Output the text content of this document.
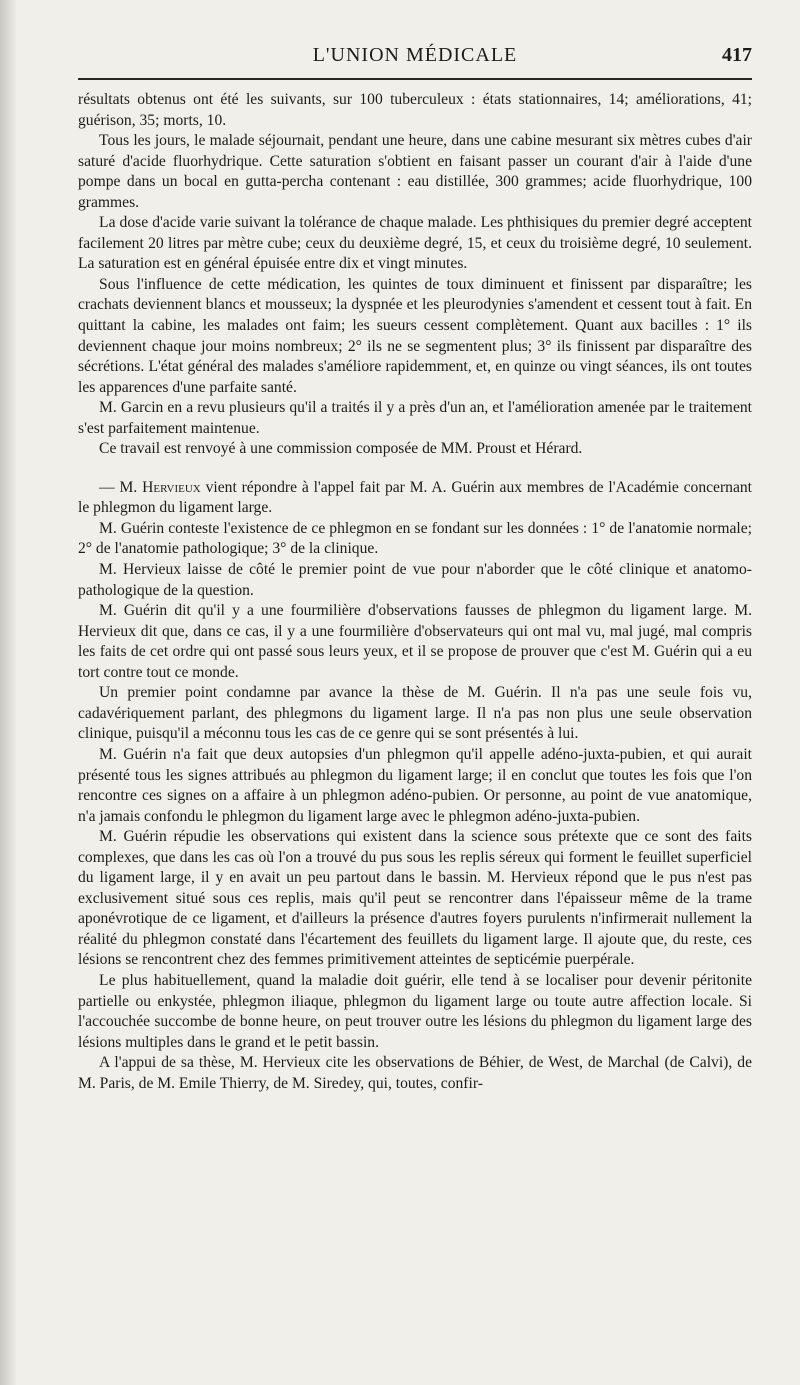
L'UNION MÉDICALE	417

résultats obtenus ont été les suivants, sur 100 tuberculeux : états stationnaires, 14; améliorations, 41; guérison, 35; morts, 10.

Tous les jours, le malade séjournait, pendant une heure, dans une cabine mesurant six mètres cubes d'air saturé d'acide fluorhydrique. Cette saturation s'obtient en faisant passer un courant d'air à l'aide d'une pompe dans un bocal en gutta-percha contenant : eau distillée, 300 grammes; acide fluorhydrique, 100 grammes.

La dose d'acide varie suivant la tolérance de chaque malade. Les phthisiques du premier degré acceptent facilement 20 litres par mètre cube; ceux du deuxième degré, 15, et ceux du troisième degré, 10 seulement. La saturation est en général épuisée entre dix et vingt minutes.

Sous l'influence de cette médication, les quintes de toux diminuent et finissent par disparaître; les crachats deviennent blancs et mousseux; la dyspnée et les pleurodynies s'amendent et cessent tout à fait. En quittant la cabine, les malades ont faim; les sueurs cessent complètement. Quant aux bacilles : 1° ils deviennent chaque jour moins nombreux; 2° ils ne se segmentent plus; 3° ils finissent par disparaître des sécrétions. L'état général des malades s'améliore rapidemment, et, en quinze ou vingt séances, ils ont toutes les apparences d'une parfaite santé.

M. Garcin en a revu plusieurs qu'il a traités il y a près d'un an, et l'amélioration amenée par le traitement s'est parfaitement maintenue.

Ce travail est renvoyé à une commission composée de MM. Proust et Hérard.

— M. Hervieux vient répondre à l'appel fait par M. A. Guérin aux membres de l'Académie concernant le phlegmon du ligament large.

M. Guérin conteste l'existence de ce phlegmon en se fondant sur les données : 1° de l'anatomie normale; 2° de l'anatomie pathologique; 3° de la clinique.

M. Hervieux laisse de côté le premier point de vue pour n'aborder que le côté clinique et anatomo-pathologique de la question.

M. Guérin dit qu'il y a une fourmilière d'observations fausses de phlegmon du ligament large. M. Hervieux dit que, dans ce cas, il y a une fourmilière d'observateurs qui ont mal vu, mal jugé, mal compris les faits de cet ordre qui ont passé sous leurs yeux, et il se propose de prouver que c'est M. Guérin qui a eu tort contre tout ce monde.

Un premier point condamne par avance la thèse de M. Guérin. Il n'a pas une seule fois vu, cadavériquement parlant, des phlegmons du ligament large. Il n'a pas non plus une seule observation clinique, puisqu'il a méconnu tous les cas de ce genre qui se sont présentés à lui.

M. Guérin n'a fait que deux autopsies d'un phlegmon qu'il appelle adéno-juxta-pubien, et qui aurait présenté tous les signes attribués au phlegmon du ligament large; il en conclut que toutes les fois que l'on rencontre ces signes on a affaire à un phlegmon adéno-pubien. Or personne, au point de vue anatomique, n'a jamais confondu le phlegmon du ligament large avec le phlegmon adéno-juxta-pubien.

M. Guérin répudie les observations qui existent dans la science sous prétexte que ce sont des faits complexes, que dans les cas où l'on a trouvé du pus sous les replis séreux qui forment le feuillet superficiel du ligament large, il y en avait un peu partout dans le bassin. M. Hervieux répond que le pus n'est pas exclusivement situé sous ces replis, mais qu'il peut se rencontrer dans l'épaisseur même de la trame aponévrotique de ce ligament, et d'ailleurs la présence d'autres foyers purulents n'infirmerait nullement la réalité du phlegmon constaté dans l'écartement des feuillets du ligament large. Il ajoute que, du reste, ces lésions se rencontrent chez des femmes primitivement atteintes de septicémie puerpérale.

Le plus habituellement, quand la maladie doit guérir, elle tend à se localiser pour devenir péritonite partielle ou enkystée, phlegmon iliaque, phlegmon du ligament large ou toute autre affection locale. Si l'accouchée succombe de bonne heure, on peut trouver outre les lésions du phlegmon du ligament large des lésions multiples dans le grand et le petit bassin.

A l'appui de sa thèse, M. Hervieux cite les observations de Béhier, de West, de Marchal (de Calvi), de M. Paris, de M. Emile Thierry, de M. Siredey, qui, toutes, confir-
